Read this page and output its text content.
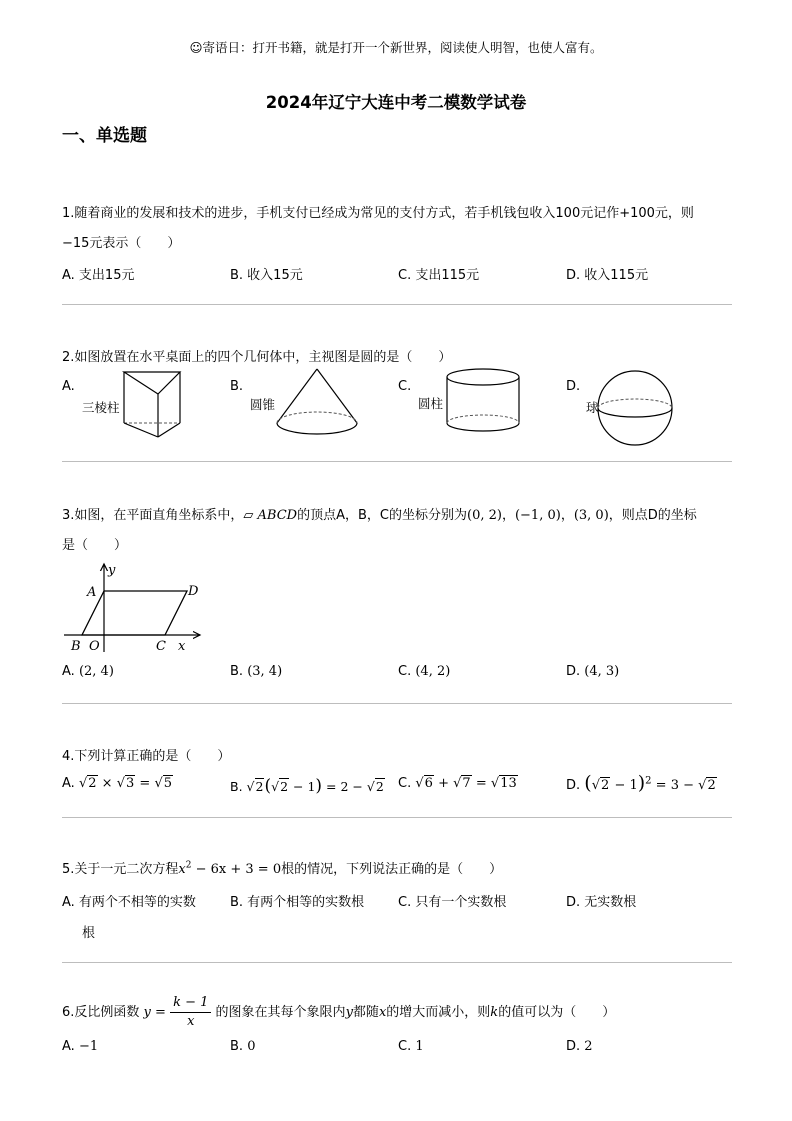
☺寄语日：打开书籍，就是打开一个新世界，阅读使人明智，也使人富有。
2024年辽宁大连中考二模数学试卷
一、单选题
1.随着商业的发展和技术的进步，手机支付已经成为常见的支付方式，若手机钱包收入100元记作+100元，则
−15元表示（　　）
A. 支出15元	B. 收入15元	C. 支出115元	D. 收入115元
2.如图放置在水平桌面上的四个几何体中，主视图是圆的是（　　）
A.
三棱柱
B.
圆锥
C.
圆柱
D.
球
3.如图，在平面直角坐标系中，▱ ABCD的顶点A，B，C的坐标分别为(0, 2)，(−1, 0)，(3, 0)，则点D的坐标
是（　　）
y
A	D
B O	C x
A. (2, 4)	B. (3, 4)	C. (4, 2)	D. (4, 3)
4.下列计算正确的是（　　）
A. √2 × √3 = √5	B. √2(√2 − 1) = 2 − √2 C. √6 + √7 = √13	D. $(√2 - 1)^2 = 3 - √2$
5.关于一元二次方程$x^2 - 6x + 3 = 0$根的情况，下列说法正确的是（　　）
A. 有两个不相等的实数
根
B. 有两个相等的实数根	C. 只有一个实数根	D. 无实数根
6.反比例函数 $y = \frac{k - 1}{x}$ 的图象在其每个象限内y都随x的增大而减小，则k的值可以为（　　）
A. −1	B. 0	C. 1	D. 2
